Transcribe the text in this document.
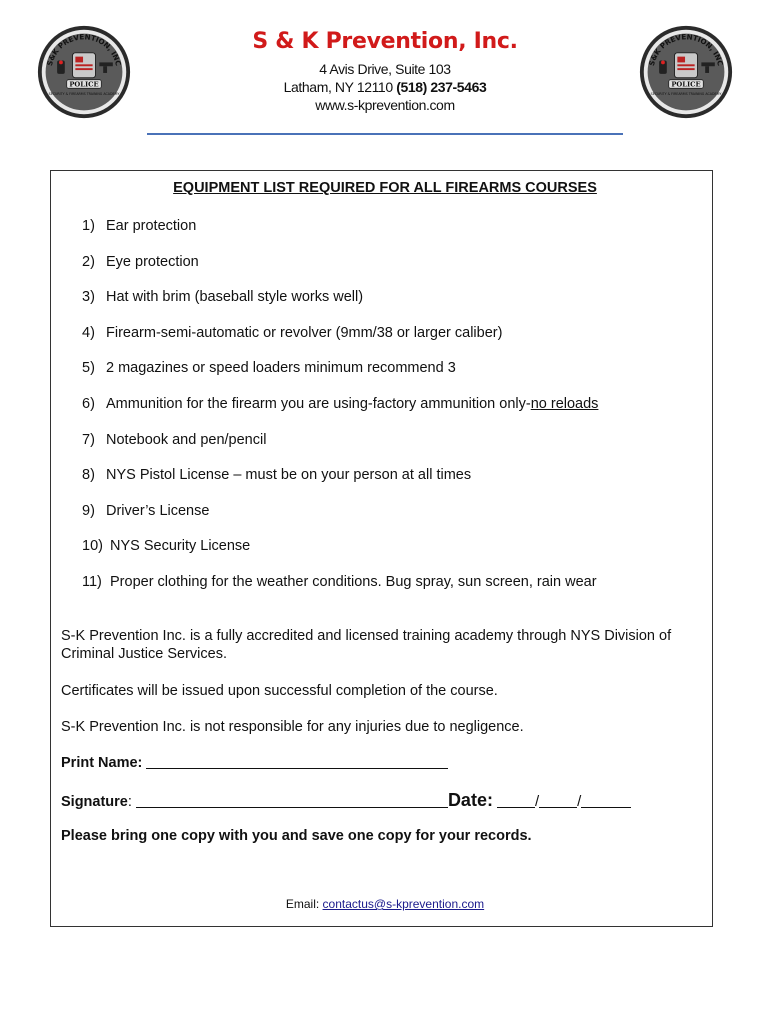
S&K PREVENTION, INC
POLICE
SECURITY & FIREARMS TRAINING ACADEMY
S&K PREVENTION, INC
POLICE
SECURITY & FIREARMS TRAINING ACADEMY
S & K Prevention, Inc.
4 Avis Drive, Suite 103
Latham, NY 12110 (518) 237-5463
www.s-kprevention.com
EQUIPMENT LIST REQUIRED FOR ALL FIREARMS COURSES
1) Ear protection
2) Eye protection
3) Hat with brim (baseball style works well)
4) Firearm-semi-automatic or revolver (9mm/38 or larger caliber)
5) 2 magazines or speed loaders minimum recommend 3
6) Ammunition for the firearm you are using-factory ammunition only-no reloads
7) Notebook and pen/pencil
8) NYS Pistol License – must be on your person at all times
9) Driver’s License
10) NYS Security License
11) Proper clothing for the weather conditions. Bug spray, sun screen, rain wear
S-K Prevention Inc. is a fully accredited and licensed training academy through NYS Division of Criminal Justice Services.
Certificates will be issued upon successful completion of the course.
S-K Prevention Inc. is not responsible for any injuries due to negligence.
Print Name:
Signature:	Date:	/	/
Please bring one copy with you and save one copy for your records.
Email: contactus@s-kprevention.com
